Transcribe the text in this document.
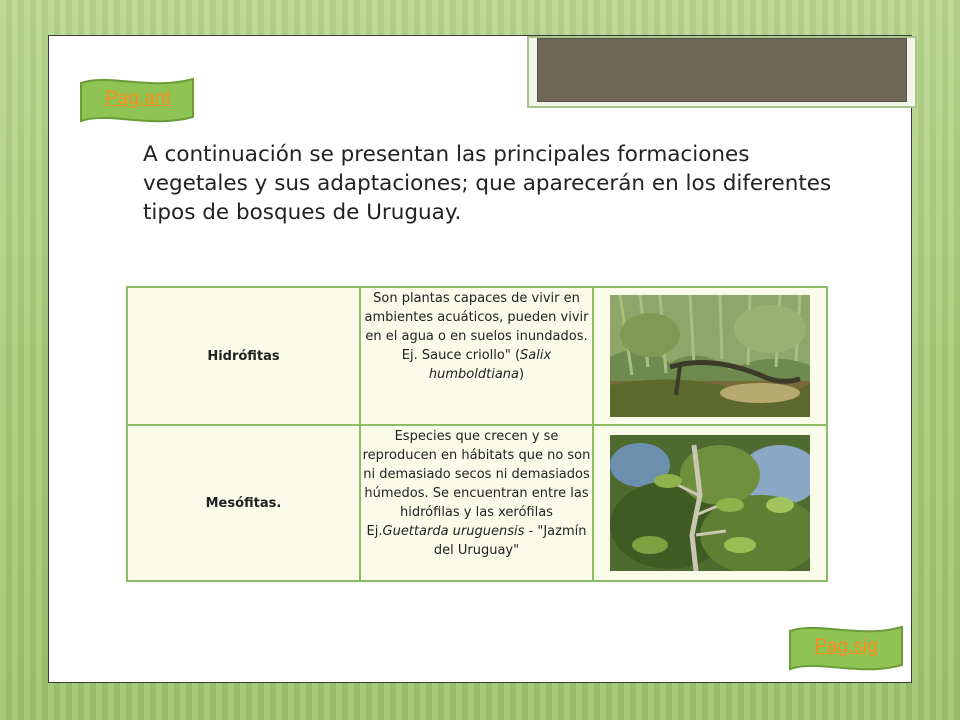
Pag.ant

A continuación se presentan las principales formaciones vegetales y sus adaptaciones; que aparecerán en los diferentes tipos de bosques de Uruguay.

Hidrófitas	Son plantas capaces de vivir en ambientes acuáticos, pueden vivir en el agua o en suelos inundados. Ej. Sauce criollo" (Salix humboldtiana)	

Mesófitas.	Especies que crecen y se reproducen en hábitats que no son ni demasiado secos ni demasiados húmedos. Se encuentran entre las hidrófilas y las xerófilas Ej.Guettarda uruguensis - "Jazmín del Uruguay"	
Pag.sig
